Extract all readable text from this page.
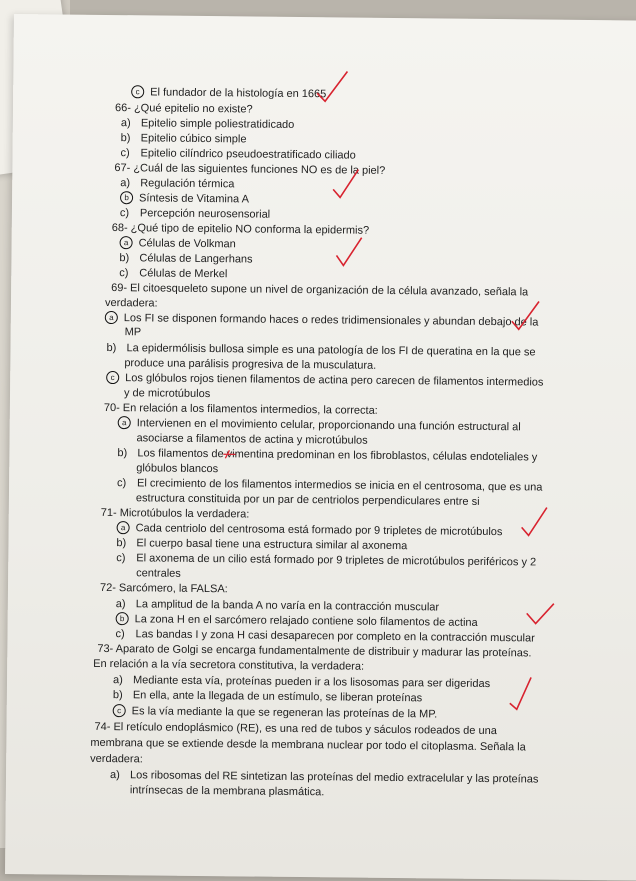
c El fundador de la histología en 1665
66- ¿Qué epitelio no existe?
a) Epitelio simple poliestratidicado
b) Epitelio cúbico simple
c) Epitelio cilíndrico pseudoestratificado ciliado
67- ¿Cuál de las siguientes funciones NO es de la piel?
a) Regulación térmica
b Síntesis de Vitamina A
c) Percepción neurosensorial
68- ¿Qué tipo de epitelio NO conforma la epidermis?
a Células de Volkman
b) Células de Langerhans
c) Células de Merkel
69- El citoesqueleto supone un nivel de organización de la célula avanzado, señala la
verdadera:
a Los FI se disponen formando haces o redes tridimensionales y abundan debajo de la
MP
b) La epidermólisis bullosa simple es una patología de los FI de queratina en la que se
produce una parálisis progresiva de la musculatura.
c Los glóbulos rojos tienen filamentos de actina pero carecen de filamentos intermedios
y de microtúbulos
70- En relación a los filamentos intermedios, la correcta:
a Intervienen en el movimiento celular, proporcionando una función estructural al
asociarse a filamentos de actina y microtúbulos
b) Los filamentos de vimentina predominan en los fibroblastos, células endoteliales y
glóbulos blancos
c) El crecimiento de los filamentos intermedios se inicia en el centrosoma, que es una
estructura constituida por un par de centriolos perpendiculares entre si
71- Microtúbulos la verdadera:
a Cada centriolo del centrosoma está formado por 9 tripletes de microtúbulos
b) El cuerpo basal tiene una estructura similar al axonema
c) El axonema de un cilio está formado por 9 tripletes de microtúbulos periféricos y 2
centrales
72- Sarcómero, la FALSA:
a) La amplitud de la banda A no varía en la contracción muscular
b La zona H en el sarcómero relajado contiene solo filamentos de actina
c) Las bandas I y zona H casi desaparecen por completo en la contracción muscular
73- Aparato de Golgi se encarga fundamentalmente de distribuir y madurar las proteínas.
En relación a la vía secretora constitutiva, la verdadera:
a) Mediante esta vía, proteínas pueden ir a los lisosomas para ser digeridas
b) En ella, ante la llegada de un estímulo, se liberan proteínas
c Es la vía mediante la que se regeneran las proteínas de la MP.
74- El retículo endoplásmico (RE), es una red de tubos y sáculos rodeados de una
membrana que se extiende desde la membrana nuclear por todo el citoplasma. Señala la
verdadera:
a) Los ribosomas del RE sintetizan las proteínas del medio extracelular y las proteínas
intrínsecas de la membrana plasmática.
